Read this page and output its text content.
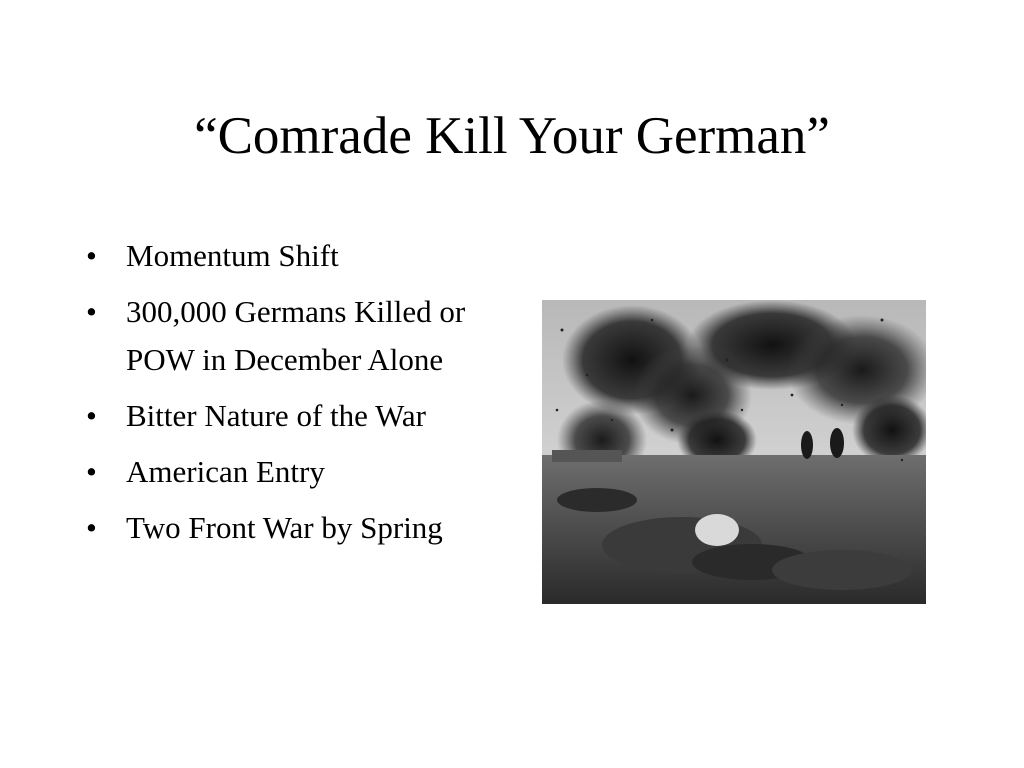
“Comrade Kill Your German”
• Momentum Shift
• 300,000 Germans Killed or POW in December Alone
• Bitter Nature of the War
• American Entry
• Two Front War by Spring
